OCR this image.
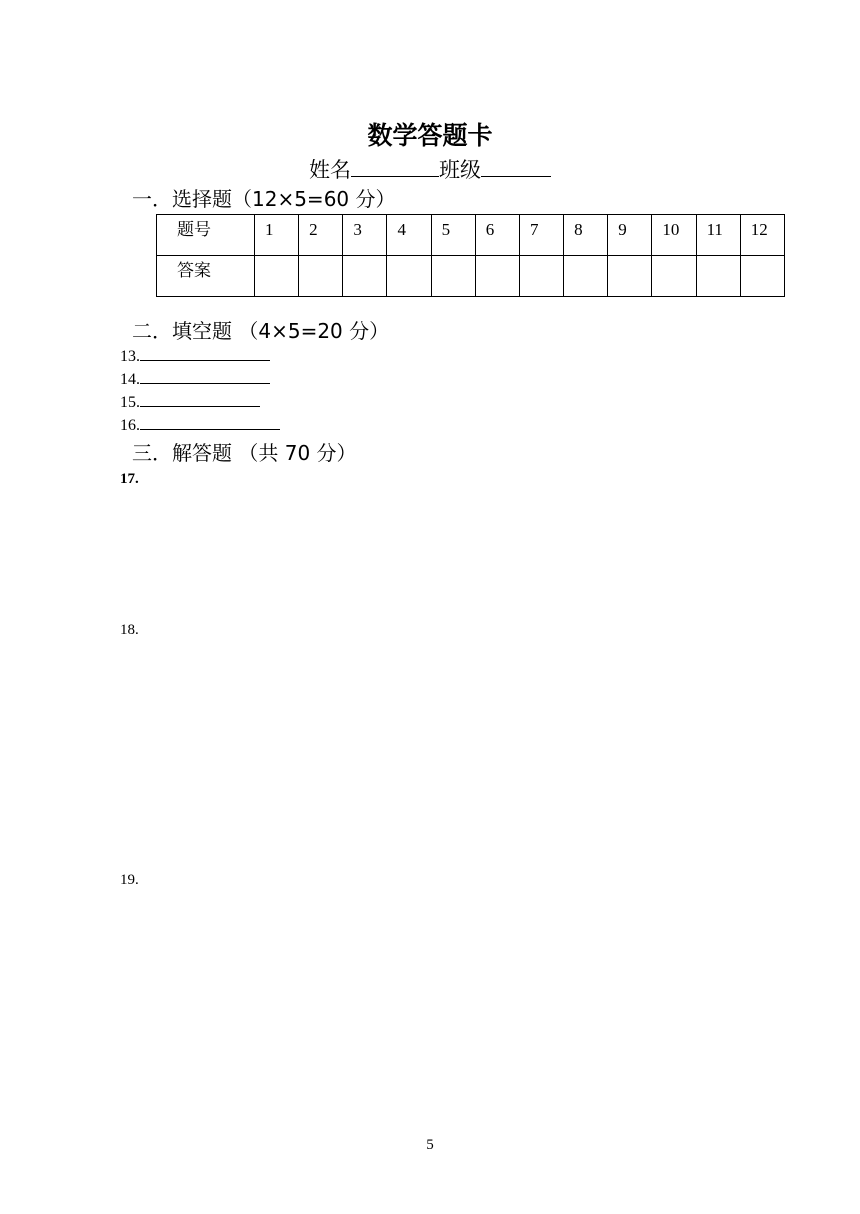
数学答题卡
姓名	班级
一．选择题（12×5=60 分）
题号	1	2	3	4	5	6	7	8	9	10	11	12
答案												
二．填空题 （4×5=20 分）
13.
14.
15.
16.
三．解答题 （共 70 分）
17.
18.
19.
5
